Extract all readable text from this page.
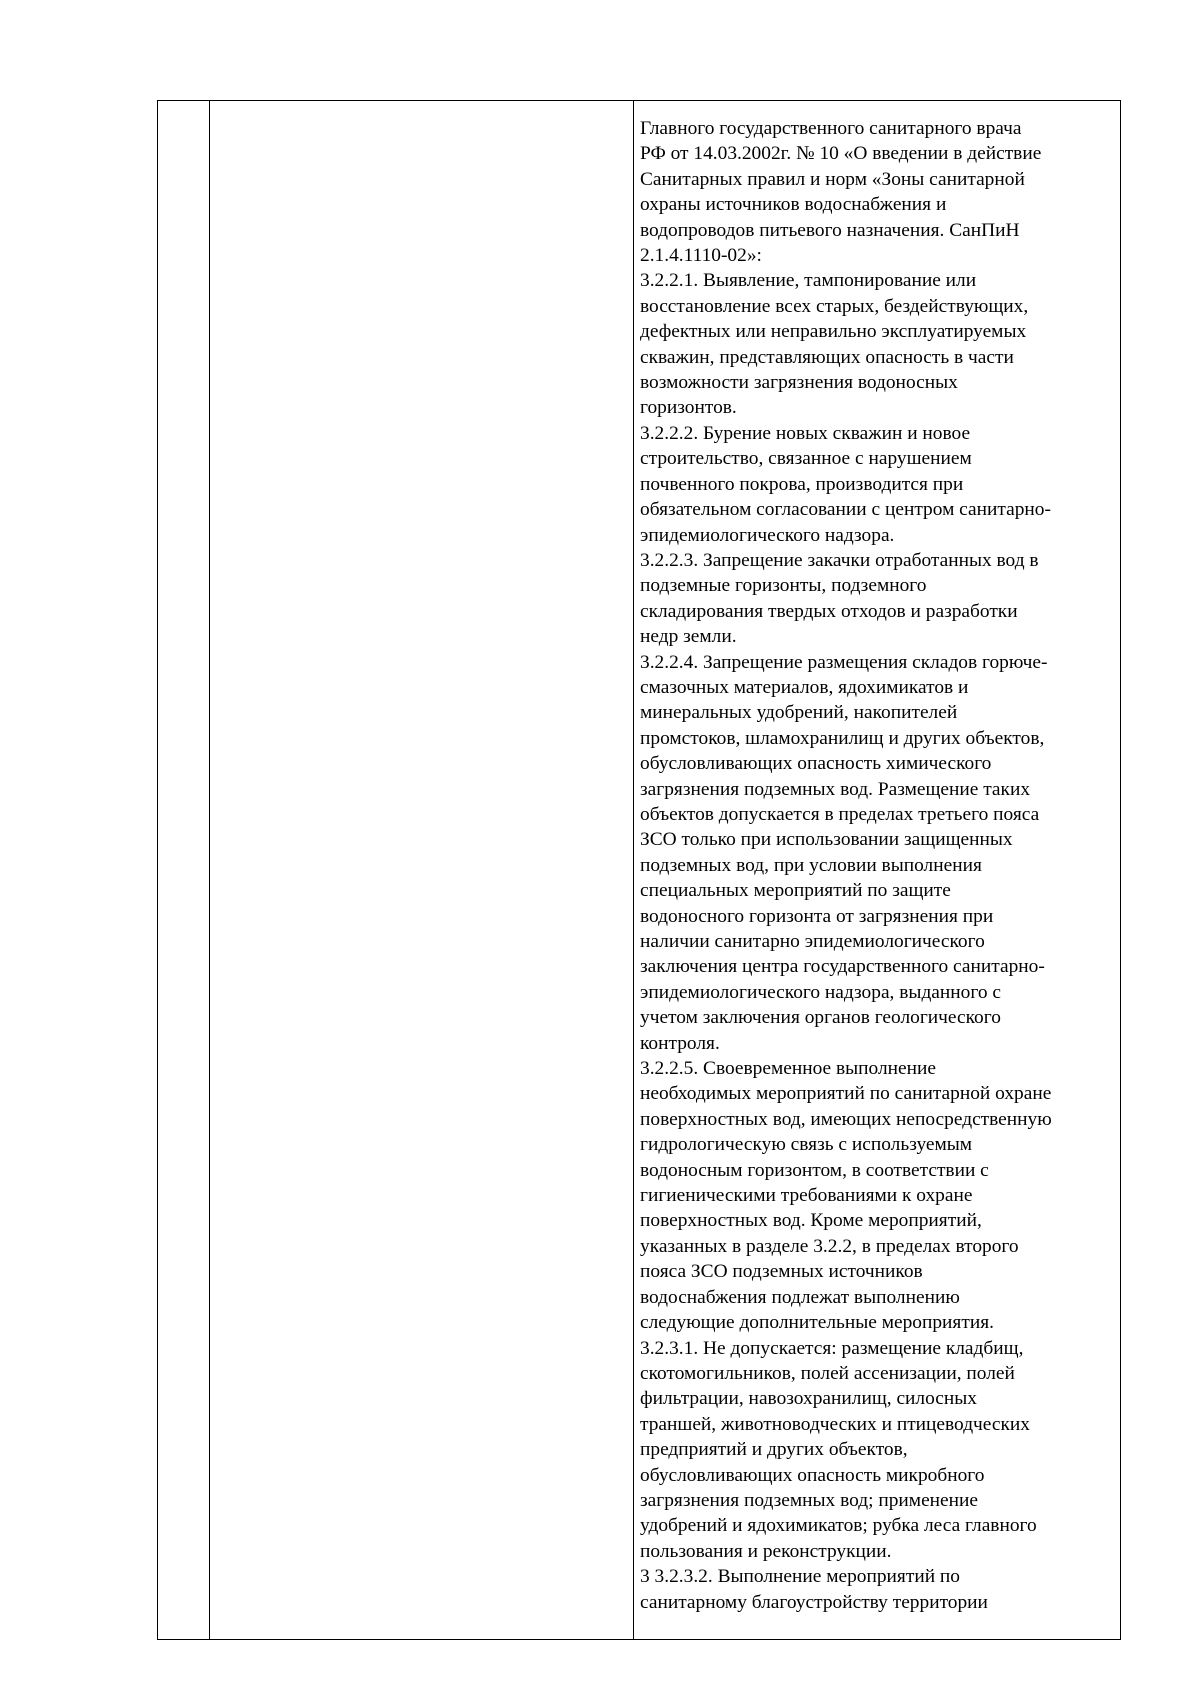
Главного государственного санитарного врача
РФ от 14.03.2002г. № 10 «О введении в действие
Санитарных правил и норм «Зоны санитарной
охраны источников водоснабжения и
водопроводов питьевого назначения. СанПиН
2.1.4.1110-02»:
3.2.2.1. Выявление, тампонирование или
восстановление всех старых, бездействующих,
дефектных или неправильно эксплуатируемых
скважин, представляющих опасность в части
возможности загрязнения водоносных
горизонтов.
3.2.2.2. Бурение новых скважин и новое
строительство, связанное с нарушением
почвенного покрова, производится при
обязательном согласовании с центром санитарно-
эпидемиологического надзора.
3.2.2.3. Запрещение закачки отработанных вод в
подземные горизонты, подземного
складирования твердых отходов и разработки
недр земли.
3.2.2.4. Запрещение размещения складов горюче-
смазочных материалов, ядохимикатов и
минеральных удобрений, накопителей
промстоков, шламохранилищ и других объектов,
обусловливающих опасность химического
загрязнения подземных вод. Размещение таких
объектов допускается в пределах третьего пояса
ЗСО только при использовании защищенных
подземных вод, при условии выполнения
специальных мероприятий по защите
водоносного горизонта от загрязнения при
наличии санитарно эпидемиологического
заключения центра государственного санитарно-
эпидемиологического надзора, выданного с
учетом заключения органов геологического
контроля.
3.2.2.5. Своевременное выполнение
необходимых мероприятий по санитарной охране
поверхностных вод, имеющих непосредственную
гидрологическую связь с используемым
водоносным горизонтом, в соответствии с
гигиеническими требованиями к охране
поверхностных вод. Кроме мероприятий,
указанных в разделе 3.2.2, в пределах второго
пояса ЗСО подземных источников
водоснабжения подлежат выполнению
следующие дополнительные мероприятия.
3.2.3.1. Не допускается: размещение кладбищ,
скотомогильников, полей ассенизации, полей
фильтрации, навозохранилищ, силосных
траншей, животноводческих и птицеводческих
предприятий и других объектов,
обусловливающих опасность микробного
загрязнения подземных вод; применение
удобрений и ядохимикатов; рубка леса главного
пользования и реконструкции.
3 3.2.3.2. Выполнение мероприятий по
санитарному благоустройству территории
